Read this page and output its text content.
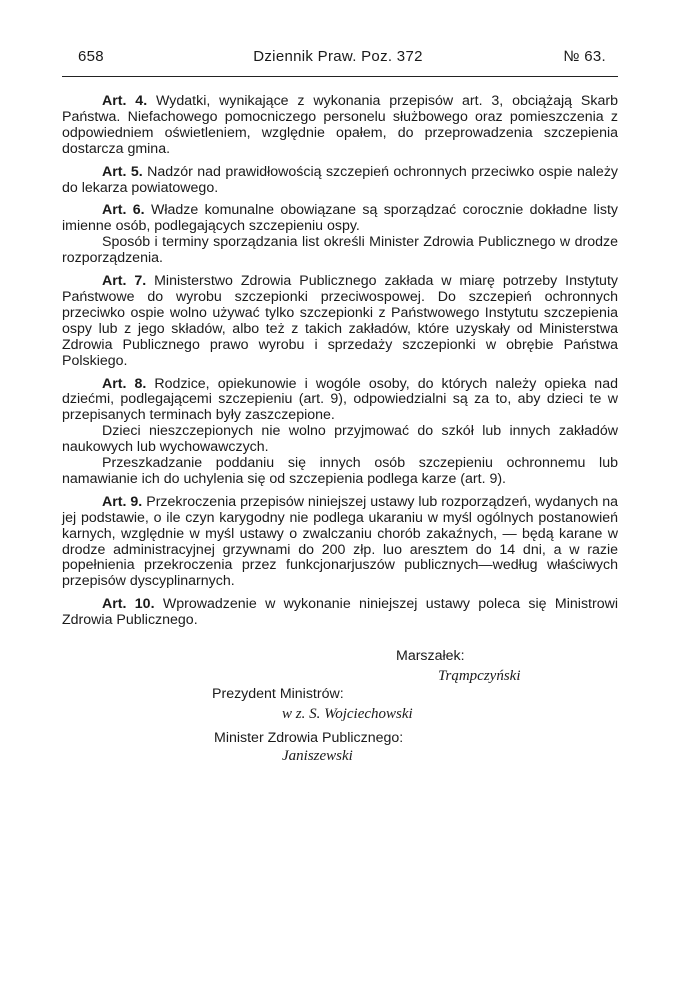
658	Dziennik Praw. Poz. 372	№ 63.

Art. 4. Wydatki, wynikające z wykonania przepisów art. 3, obciążają Skarb Państwa. Niefachowego pomocniczego personelu służbowego oraz pomieszczenia z odpowiedniem oświetleniem, względnie opałem, do przeprowadzenia szczepienia dostarcza gmina.

Art. 5. Nadzór nad prawidłowością szczepień ochronnych przeciwko ospie należy do lekarza powiatowego.

Art. 6. Władze komunalne obowiązane są sporządzać corocznie dokładne listy imienne osób, podlegających szczepieniu ospy.

Sposób i terminy sporządzania list określi Minister Zdrowia Publicznego w drodze rozporządzenia.

Art. 7. Ministerstwo Zdrowia Publicznego zakłada w miarę potrzeby Instytuty Państwowe do wyrobu szczepionki przeciwospowej. Do szczepień ochronnych przeciwko ospie wolno używać tylko szczepionki z Państwowego Instytutu szczepienia ospy lub z jego składów, albo też z takich zakładów, które uzyskały od Ministerstwa Zdrowia Publicznego prawo wyrobu i sprzedaży szczepionki w obrębie Państwa Polskiego.

Art. 8. Rodzice, opiekunowie i wogóle osoby, do których należy opieka nad dziećmi, podlegającemi szczepieniu (art. 9), odpowiedzialni są za to, aby dzieci te w przepisanych terminach były zaszczepione.

Dzieci nieszczepionych nie wolno przyjmować do szkół lub innych zakładów naukowych lub wychowawczych.

Przeszkadzanie poddaniu się innych osób szczepieniu ochronnemu lub namawianie ich do uchylenia się od szczepienia podlega karze (art. 9).

Art. 9. Przekroczenia przepisów niniejszej ustawy lub rozporządzeń, wydanych na jej podstawie, o ile czyn karygodny nie podlega ukaraniu w myśl ogólnych postanowień karnych, względnie w myśl ustawy o zwalczaniu chorób zakaźnych, — będą karane w drodze administracyjnej grzywnami do 200 złp. luo aresztem do 14 dni, a w razie popełnienia przekroczenia przez funkcjonarjuszów publicznych—według właściwych przepisów dyscyplinarnych.

Art. 10. Wprowadzenie w wykonanie niniejszej ustawy poleca się Ministrowi Zdrowia Publicznego.

Marszałek:
Trąmpczyński
Prezydent Ministrów:
w z. S. Wojciechowski
Minister Zdrowia Publicznego:
Janiszewski
